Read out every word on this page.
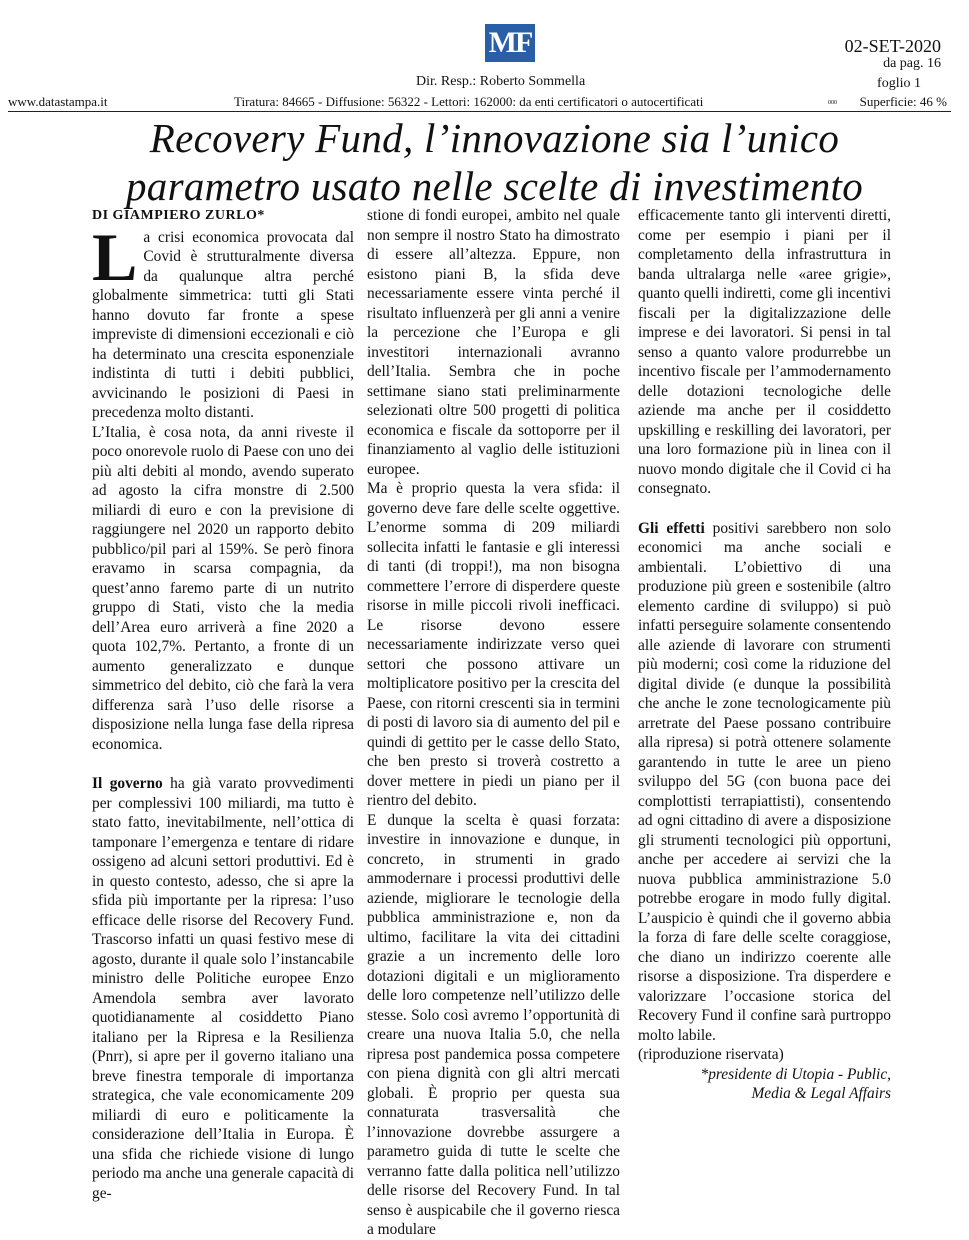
MF	02-SET-2020
da pag. 16
foglio 1
Dir. Resp.: Roberto Sommella
www.datastampa.it	Tiratura: 84665 - Diffusione: 56322 - Lettori: 162000: da enti certificatori o autocertificati	000 Superficie: 46 %
Recovery Fund, l’innovazione sia l’unico parametro usato nelle scelte di investimento
DI GIAMPIERO ZURLO*

La crisi economica provocata dal Covid è strutturalmente diversa da qualunque altra perché globalmente simmetrica: tutti gli Stati hanno dovuto far fronte a spese impreviste di dimensioni eccezionali e ciò ha determinato una crescita esponenziale indistinta di tutti i debiti pubblici, avvicinando le posizioni di Paesi in precedenza molto distanti.

L’Italia, è cosa nota, da anni riveste il poco onorevole ruolo di Paese con uno dei più alti debiti al mondo, avendo superato ad agosto la cifra monstre di 2.500 miliardi di euro e con la previsione di raggiungere nel 2020 un rapporto debito pubblico/pil pari al 159%. Se però finora eravamo in scarsa compagnia, da quest’anno faremo parte di un nutrito gruppo di Stati, visto che la media dell’Area euro arriverà a fine 2020 a quota 102,7%. Pertanto, a fronte di un aumento generalizzato e dunque simmetrico del debito, ciò che farà la vera differenza sarà l’uso delle risorse a disposizione nella lunga fase della ripresa economica.

Il governo ha già varato provvedimenti per complessivi 100 miliardi, ma tutto è stato fatto, inevitabilmente, nell’ottica di tamponare l’emergenza e tentare di ridare ossigeno ad alcuni settori produttivi. Ed è in questo contesto, adesso, che si apre la sfida più importante per la ripresa: l’uso efficace delle risorse del Recovery Fund. Trascorso infatti un quasi festivo mese di agosto, durante il quale solo l’instancabile ministro delle Politiche europee Enzo Amendola sembra aver lavorato quotidianamente al cosiddetto Piano italiano per la Ripresa e la Resilienza (Pnrr), si apre per il governo italiano una breve finestra temporale di importanza strategica, che vale economicamente 209 miliardi di euro e politicamente la considerazione dell’Italia in Europa. È una sfida che richiede visione di lungo periodo ma anche una generale capacità di ge-

stione di fondi europei, ambito nel quale non sempre il nostro Stato ha dimostrato di essere all’altezza. Eppure, non esistono piani B, la sfida deve necessariamente essere vinta perché il risultato influenzerà per gli anni a venire la percezione che l’Europa e gli investitori internazionali avranno dell’Italia. Sembra che in poche settimane siano stati preliminarmente selezionati oltre 500 progetti di politica economica e fiscale da sottoporre per il finanziamento al vaglio delle istituzioni europee.

Ma è proprio questa la vera sfida: il governo deve fare delle scelte oggettive. L’enorme somma di 209 miliardi sollecita infatti le fantasie e gli interessi di tanti (di troppi!), ma non bisogna commettere l’errore di disperdere queste risorse in mille piccoli rivoli inefficaci. Le risorse devono essere necessariamente indirizzate verso quei settori che possono attivare un moltiplicatore positivo per la crescita del Paese, con ritorni crescenti sia in termini di posti di lavoro sia di aumento del pil e quindi di gettito per le casse dello Stato, che ben presto si troverà costretto a dover mettere in piedi un piano per il rientro del debito.

E dunque la scelta è quasi forzata: investire in innovazione e dunque, in concreto, in strumenti in grado ammodernare i processi produttivi delle aziende, migliorare le tecnologie della pubblica amministrazione e, non da ultimo, facilitare la vita dei cittadini grazie a un incremento delle loro dotazioni digitali e un miglioramento delle loro competenze nell’utilizzo delle stesse. Solo così avremo l’opportunità di creare una nuova Italia 5.0, che nella ripresa post pandemica possa competere con piena dignità con gli altri mercati globali. È proprio per questa sua connaturata trasversalità che l’innovazione dovrebbe assurgere a parametro guida di tutte le scelte che verranno fatte dalla politica nell’utilizzo delle risorse del Recovery Fund. In tal senso è auspicabile che il governo riesca a modulare

efficacemente tanto gli interventi diretti, come per esempio i piani per il completamento della infrastruttura in banda ultralarga nelle «aree grigie», quanto quelli indiretti, come gli incentivi fiscali per la digitalizzazione delle imprese e dei lavoratori. Si pensi in tal senso a quanto valore produrrebbe un incentivo fiscale per l’ammodernamento delle dotazioni tecnologiche delle aziende ma anche per il cosiddetto upskilling e reskilling dei lavoratori, per una loro formazione più in linea con il nuovo mondo digitale che il Covid ci ha consegnato.

Gli effetti positivi sarebbero non solo economici ma anche sociali e ambientali. L’obiettivo di una produzione più green e sostenibile (altro elemento cardine di sviluppo) si può infatti perseguire solamente consentendo alle aziende di lavorare con strumenti più moderni; così come la riduzione del digital divide (e dunque la possibilità che anche le zone tecnologicamente più arretrate del Paese possano contribuire alla ripresa) si potrà ottenere solamente garantendo in tutte le aree un pieno sviluppo del 5G (con buona pace dei complottisti terrapiattisti), consentendo ad ogni cittadino di avere a disposizione gli strumenti tecnologici più opportuni, anche per accedere ai servizi che la nuova pubblica amministrazione 5.0 potrebbe erogare in modo fully digital. L’auspicio è quindi che il governo abbia la forza di fare delle scelte coraggiose, che diano un indirizzo coerente alle risorse a disposizione. Tra disperdere e valorizzare l’occasione storica del Recovery Fund il confine sarà purtroppo molto labile.

(riproduzione riservata)

*presidente di Utopia - Public,

Media & Legal Affairs
